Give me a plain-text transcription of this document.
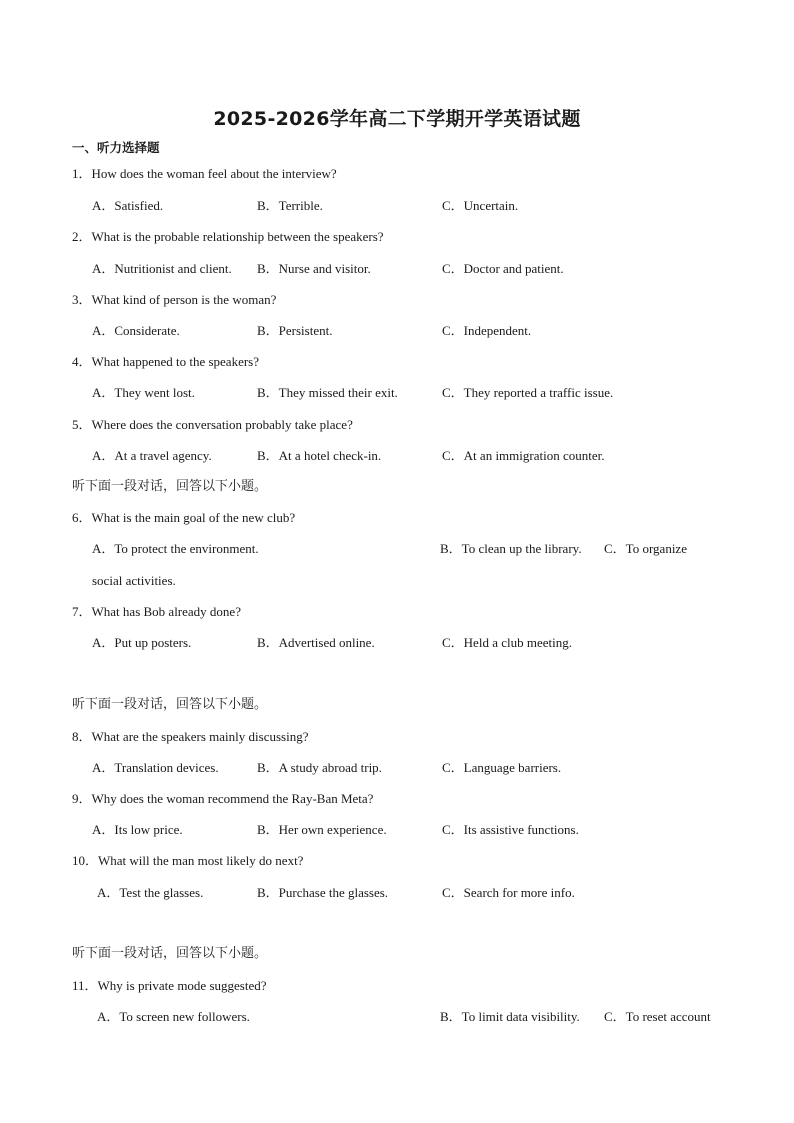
2025-2026学年高二下学期开学英语试题
一、听力选择题
1．How does the woman feel about the interview?
A．Satisfied.	B．Terrible.	C．Uncertain.
2．What is the probable relationship between the speakers?
A．Nutritionist and client. B．Nurse and visitor.	C．Doctor and patient.
3．What kind of person is the woman?
A．Considerate.	B．Persistent.	C．Independent.
4．What happened to the speakers?
A．They went lost.	B．They missed their exit.	C．They reported a traffic issue.
5．Where does the conversation probably take place?
A．At a travel agency.	B．At a hotel check-in.	C．At an immigration counter.
听下面一段对话，回答以下小题。
6．What is the main goal of the new club?
A．To protect the environment.	B．To clean up the library. C．To organize
social activities.
7．What has Bob already done?
A．Put up posters.	B．Advertised online.	C．Held a club meeting.
听下面一段对话，回答以下小题。
8．What are the speakers mainly discussing?
A．Translation devices.	B．A study abroad trip.	C．Language barriers.
9．Why does the woman recommend the Ray-Ban Meta?
A．Its low price.	B．Her own experience.	C．Its assistive functions.
10．What will the man most likely do next?
A．Test the glasses.	B．Purchase the glasses.	C．Search for more info.
听下面一段对话，回答以下小题。
11．Why is private mode suggested?
A．To screen new followers.	B．To limit data visibility. C．To reset account
